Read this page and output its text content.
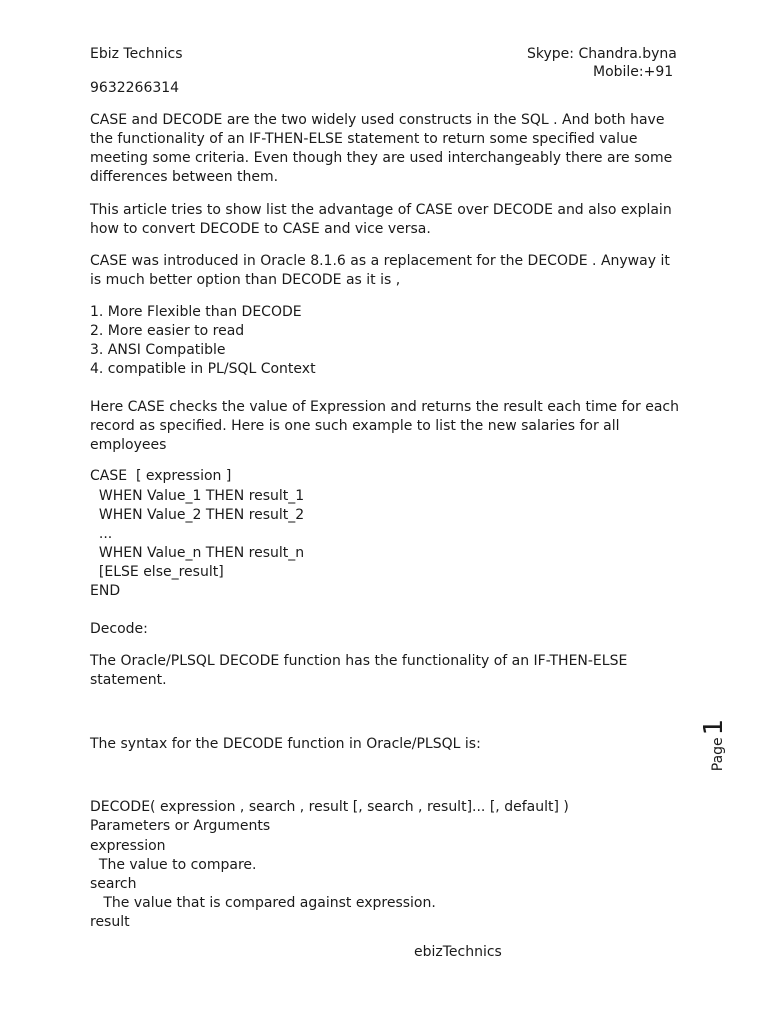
Ebiz Technics	Skype: Chandra.byna
Mobile:+91
9632266314
CASE and DECODE are the two widely used constructs in the SQL . And both have the functionality of an IF-THEN-ELSE statement to return some specified value meeting some criteria. Even though they are used interchangeably there are some differences between them.
This article tries to show list the advantage of CASE over DECODE and also explain how to convert DECODE to CASE and vice versa.
CASE was introduced in Oracle 8.1.6 as a replacement for the DECODE . Anyway it is much better option than DECODE as it is ,
1. More Flexible than DECODE
2. More easier to read
3. ANSI Compatible
4. compatible in PL/SQL Context
Here CASE checks the value of Expression and returns the result each time for each record as specified. Here is one such example to list the new salaries for all employees
CASE  [ expression ]
WHEN Value_1 THEN result_1
WHEN Value_2 THEN result_2
...
WHEN Value_n THEN result_n
[ELSE else_result]
END
Decode:
The Oracle/PLSQL DECODE function has the functionality of an IF-THEN-ELSE statement.
The syntax for the DECODE function in Oracle/PLSQL is:
DECODE( expression , search , result [, search , result]... [, default] )
Parameters or Arguments
expression
The value to compare.
search
The value that is compared against expression.
result
Page
1
ebizTechnics
